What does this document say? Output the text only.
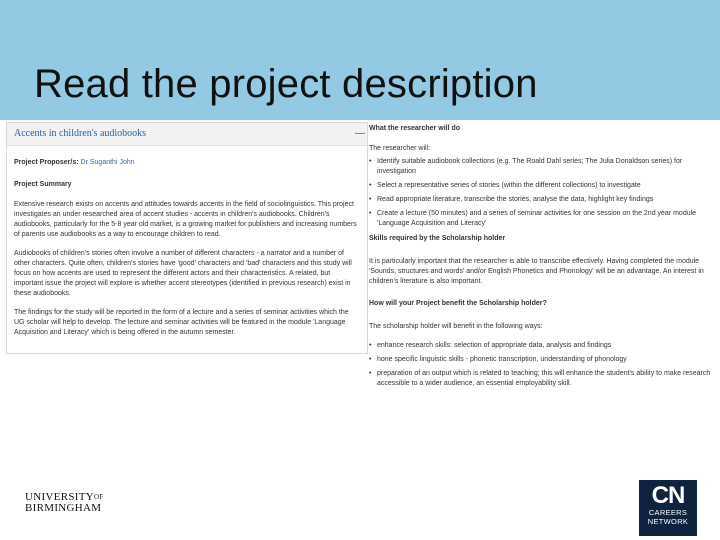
Read the project description
Accents in children's audiobooks	—
Project Proposer/s: Dr Suganthi John
Project Summary

Extensive research exists on accents and attitudes towards accents in the field of sociolinguistics. This project investigates an under researched area of accent studies - accents in children's audiobooks. Children's audiobooks, particularly for the 5-8 year old market, is a growing market for publishers and increasing numbers of parents use audiobooks as a way to encourage children to read.

Audiobooks of children's stories often involve a number of different characters - a narrator and a number of other characters. Quite often, children's stories have 'good' characters and 'bad' characters and this study will focus on how accents are used to represent the different actors and their characteristics. A related, but important issue the project will explore is whether accent stereotypes (identified in previous research) exist in these audiobooks.

The findings for the study will be reported in the form of a lecture and a series of seminar activities which the UG scholar will help to develop. The lecture and seminar activities will be featured in the module 'Language Acquisition and Literacy' which is being offered in the autumn semester.

What the researcher will do
The researcher will:
• Identify suitable audiobook collections (e.g. The Roald Dahl series; The Julia Donaldson series) for investigation
• Select a representative series of stories (within the different collections) to investigate
• Read appropriate literature, transcribe the stories, analyse the data, highlight key findings
• Create a lecture (50 minutes) and a series of seminar activities for one session on the 2nd year module 'Language Acquisition and Literacy'
Skills required by the Scholarship holder
It is particularly important that the researcher is able to transcribe effectively. Having completed the module 'Sounds, structures and words' and/or English Phonetics and Phonology' will be an advantage. An interest in children's literature is also important.
How will your Project benefit the Scholarship holder?
The scholarship holder will benefit in the following ways:
• enhance research skills: selection of appropriate data, analysis and findings
• hone specific linguistic skills - phonetic transcription, understanding of phonology
• preparation of an output which is related to teaching; this will enhance the student's ability to make research accessible to a wider audience, an essential employability skill.
$UNIVERSITY^{OF}$
BIRMINGHAM	CN
CAREERS
NETWORK
